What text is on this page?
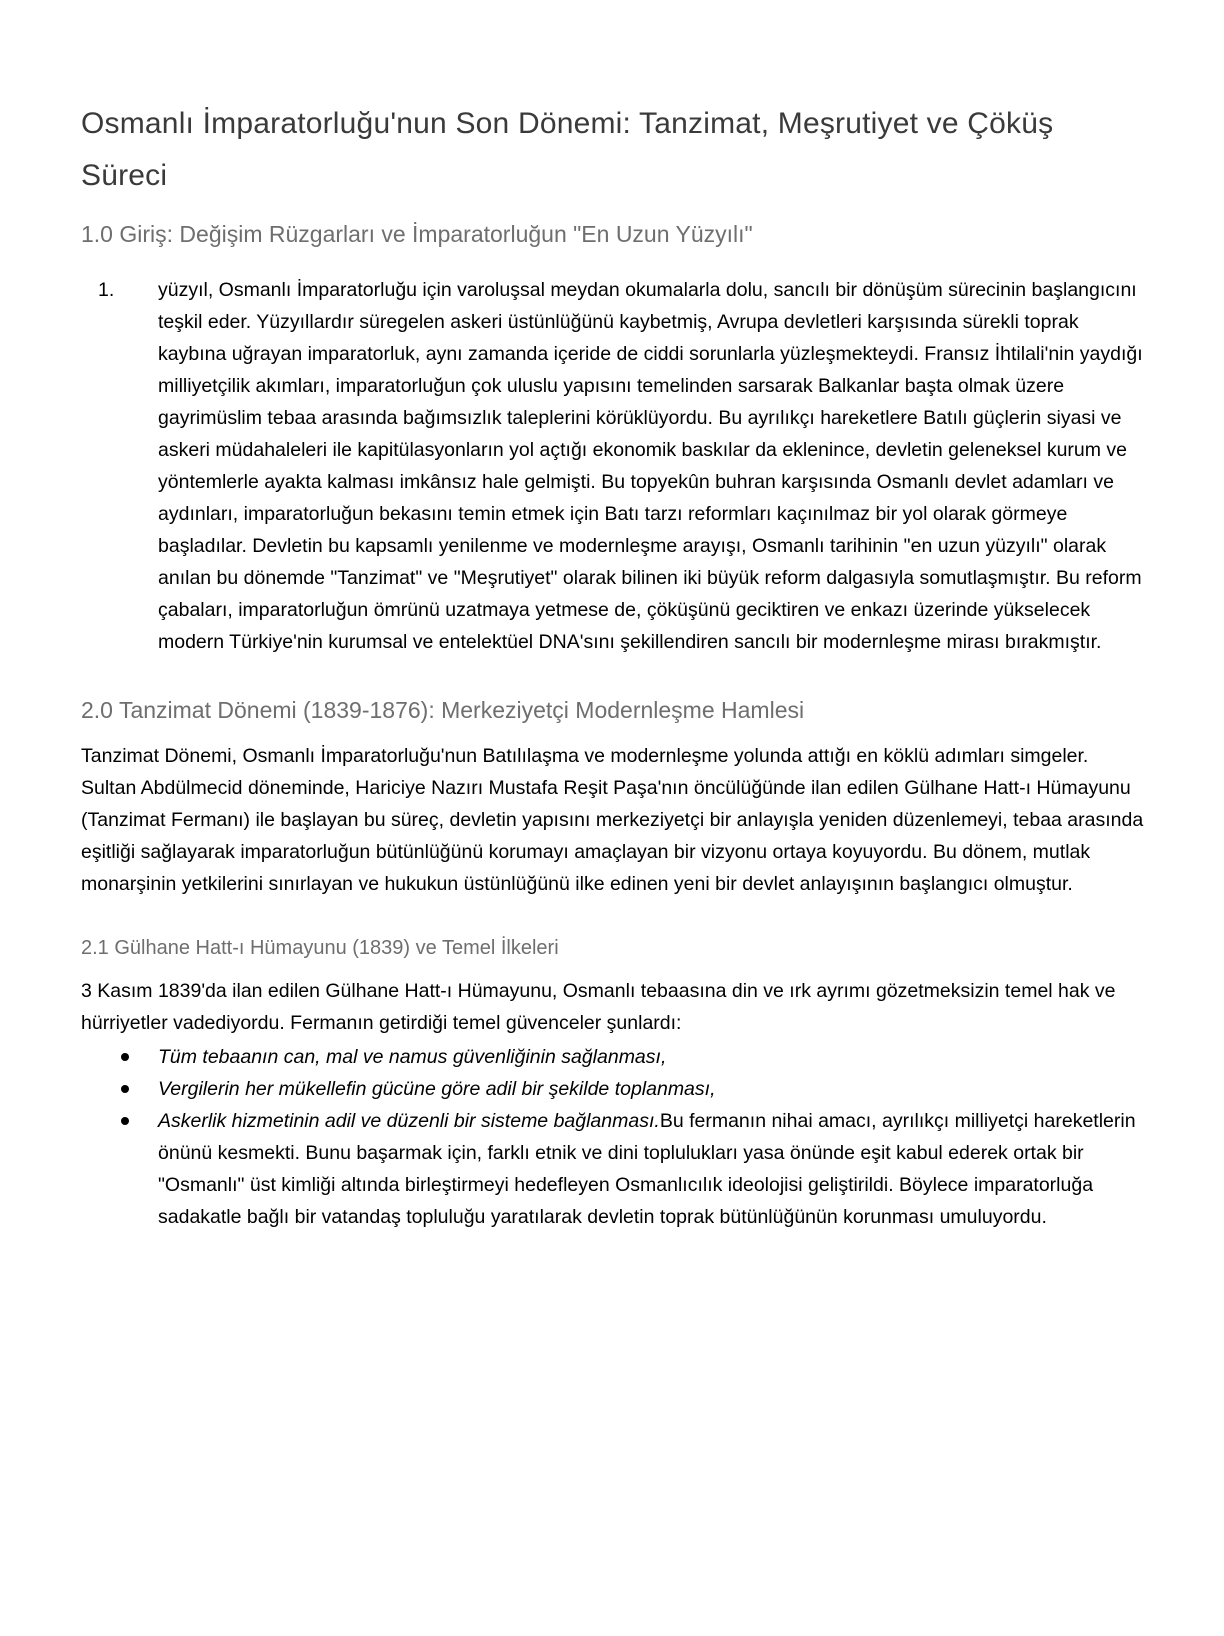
Osmanlı İmparatorluğu'nun Son Dönemi: Tanzimat, Meşrutiyet ve Çöküş Süreci
1.0 Giriş: Değişim Rüzgarları ve İmparatorluğun "En Uzun Yüzyılı"
1.	yüzyıl, Osmanlı İmparatorluğu için varoluşsal meydan okumalarla dolu, sancılı bir dönüşüm sürecinin başlangıcını teşkil eder. Yüzyıllardır süregelen askeri üstünlüğünü kaybetmiş, Avrupa devletleri karşısında sürekli toprak kaybına uğrayan imparatorluk, aynı zamanda içeride de ciddi sorunlarla yüzleşmekteydi. Fransız İhtilali'nin yaydığı milliyetçilik akımları, imparatorluğun çok uluslu yapısını temelinden sarsarak Balkanlar başta olmak üzere gayrimüslim tebaa arasında bağımsızlık taleplerini körüklüyordu. Bu ayrılıkçı hareketlere Batılı güçlerin siyasi ve askeri müdahaleleri ile kapitülasyonların yol açtığı ekonomik baskılar da eklenince, devletin geleneksel kurum ve yöntemlerle ayakta kalması imkânsız hale gelmişti. Bu topyekûn buhran karşısında Osmanlı devlet adamları ve aydınları, imparatorluğun bekasını temin etmek için Batı tarzı reformları kaçınılmaz bir yol olarak görmeye başladılar. Devletin bu kapsamlı yenilenme ve modernleşme arayışı, Osmanlı tarihinin "en uzun yüzyılı" olarak anılan bu dönemde "Tanzimat" ve "Meşrutiyet" olarak bilinen iki büyük reform dalgasıyla somutlaşmıştır. Bu reform çabaları, imparatorluğun ömrünü uzatmaya yetmese de, çöküşünü geciktiren ve enkazı üzerinde yükselecek modern Türkiye'nin kurumsal ve entelektüel DNA'sını şekillendiren sancılı bir modernleşme mirası bırakmıştır.
2.0 Tanzimat Dönemi (1839-1876): Merkeziyetçi Modernleşme Hamlesi

Tanzimat Dönemi, Osmanlı İmparatorluğu'nun Batılılaşma ve modernleşme yolunda attığı en köklü adımları simgeler. Sultan Abdülmecid döneminde, Hariciye Nazırı Mustafa Reşit Paşa'nın öncülüğünde ilan edilen Gülhane Hatt-ı Hümayunu (Tanzimat Fermanı) ile başlayan bu süreç, devletin yapısını merkeziyetçi bir anlayışla yeniden düzenlemeyi, tebaa arasında eşitliği sağlayarak imparatorluğun bütünlüğünü korumayı amaçlayan bir vizyonu ortaya koyuyordu. Bu dönem, mutlak monarşinin yetkilerini sınırlayan ve hukukun üstünlüğünü ilke edinen yeni bir devlet anlayışının başlangıcı olmuştur.

2.1 Gülhane Hatt-ı Hümayunu (1839) ve Temel İlkeleri

3 Kasım 1839'da ilan edilen Gülhane Hatt-ı Hümayunu, Osmanlı tebaasına din ve ırk ayrımı gözetmeksizin temel hak ve hürriyetler vadediyordu. Fermanın getirdiği temel güvenceler şunlardı:

Tüm tebaanın can, mal ve namus güvenliğinin sağlanması,
Vergilerin her mükellefin gücüne göre adil bir şekilde toplanması,
Askerlik hizmetinin adil ve düzenli bir sisteme bağlanması.Bu fermanın nihai amacı, ayrılıkçı milliyetçi hareketlerin önünü kesmekti. Bunu başarmak için, farklı etnik ve dini toplulukları yasa önünde eşit kabul ederek ortak bir "Osmanlı" üst kimliği altında birleştirmeyi hedefleyen Osmanlıcılık ideolojisi geliştirildi. Böylece imparatorluğa sadakatle bağlı bir vatandaş topluluğu yaratılarak devletin toprak bütünlüğünün korunması umuluyordu.
